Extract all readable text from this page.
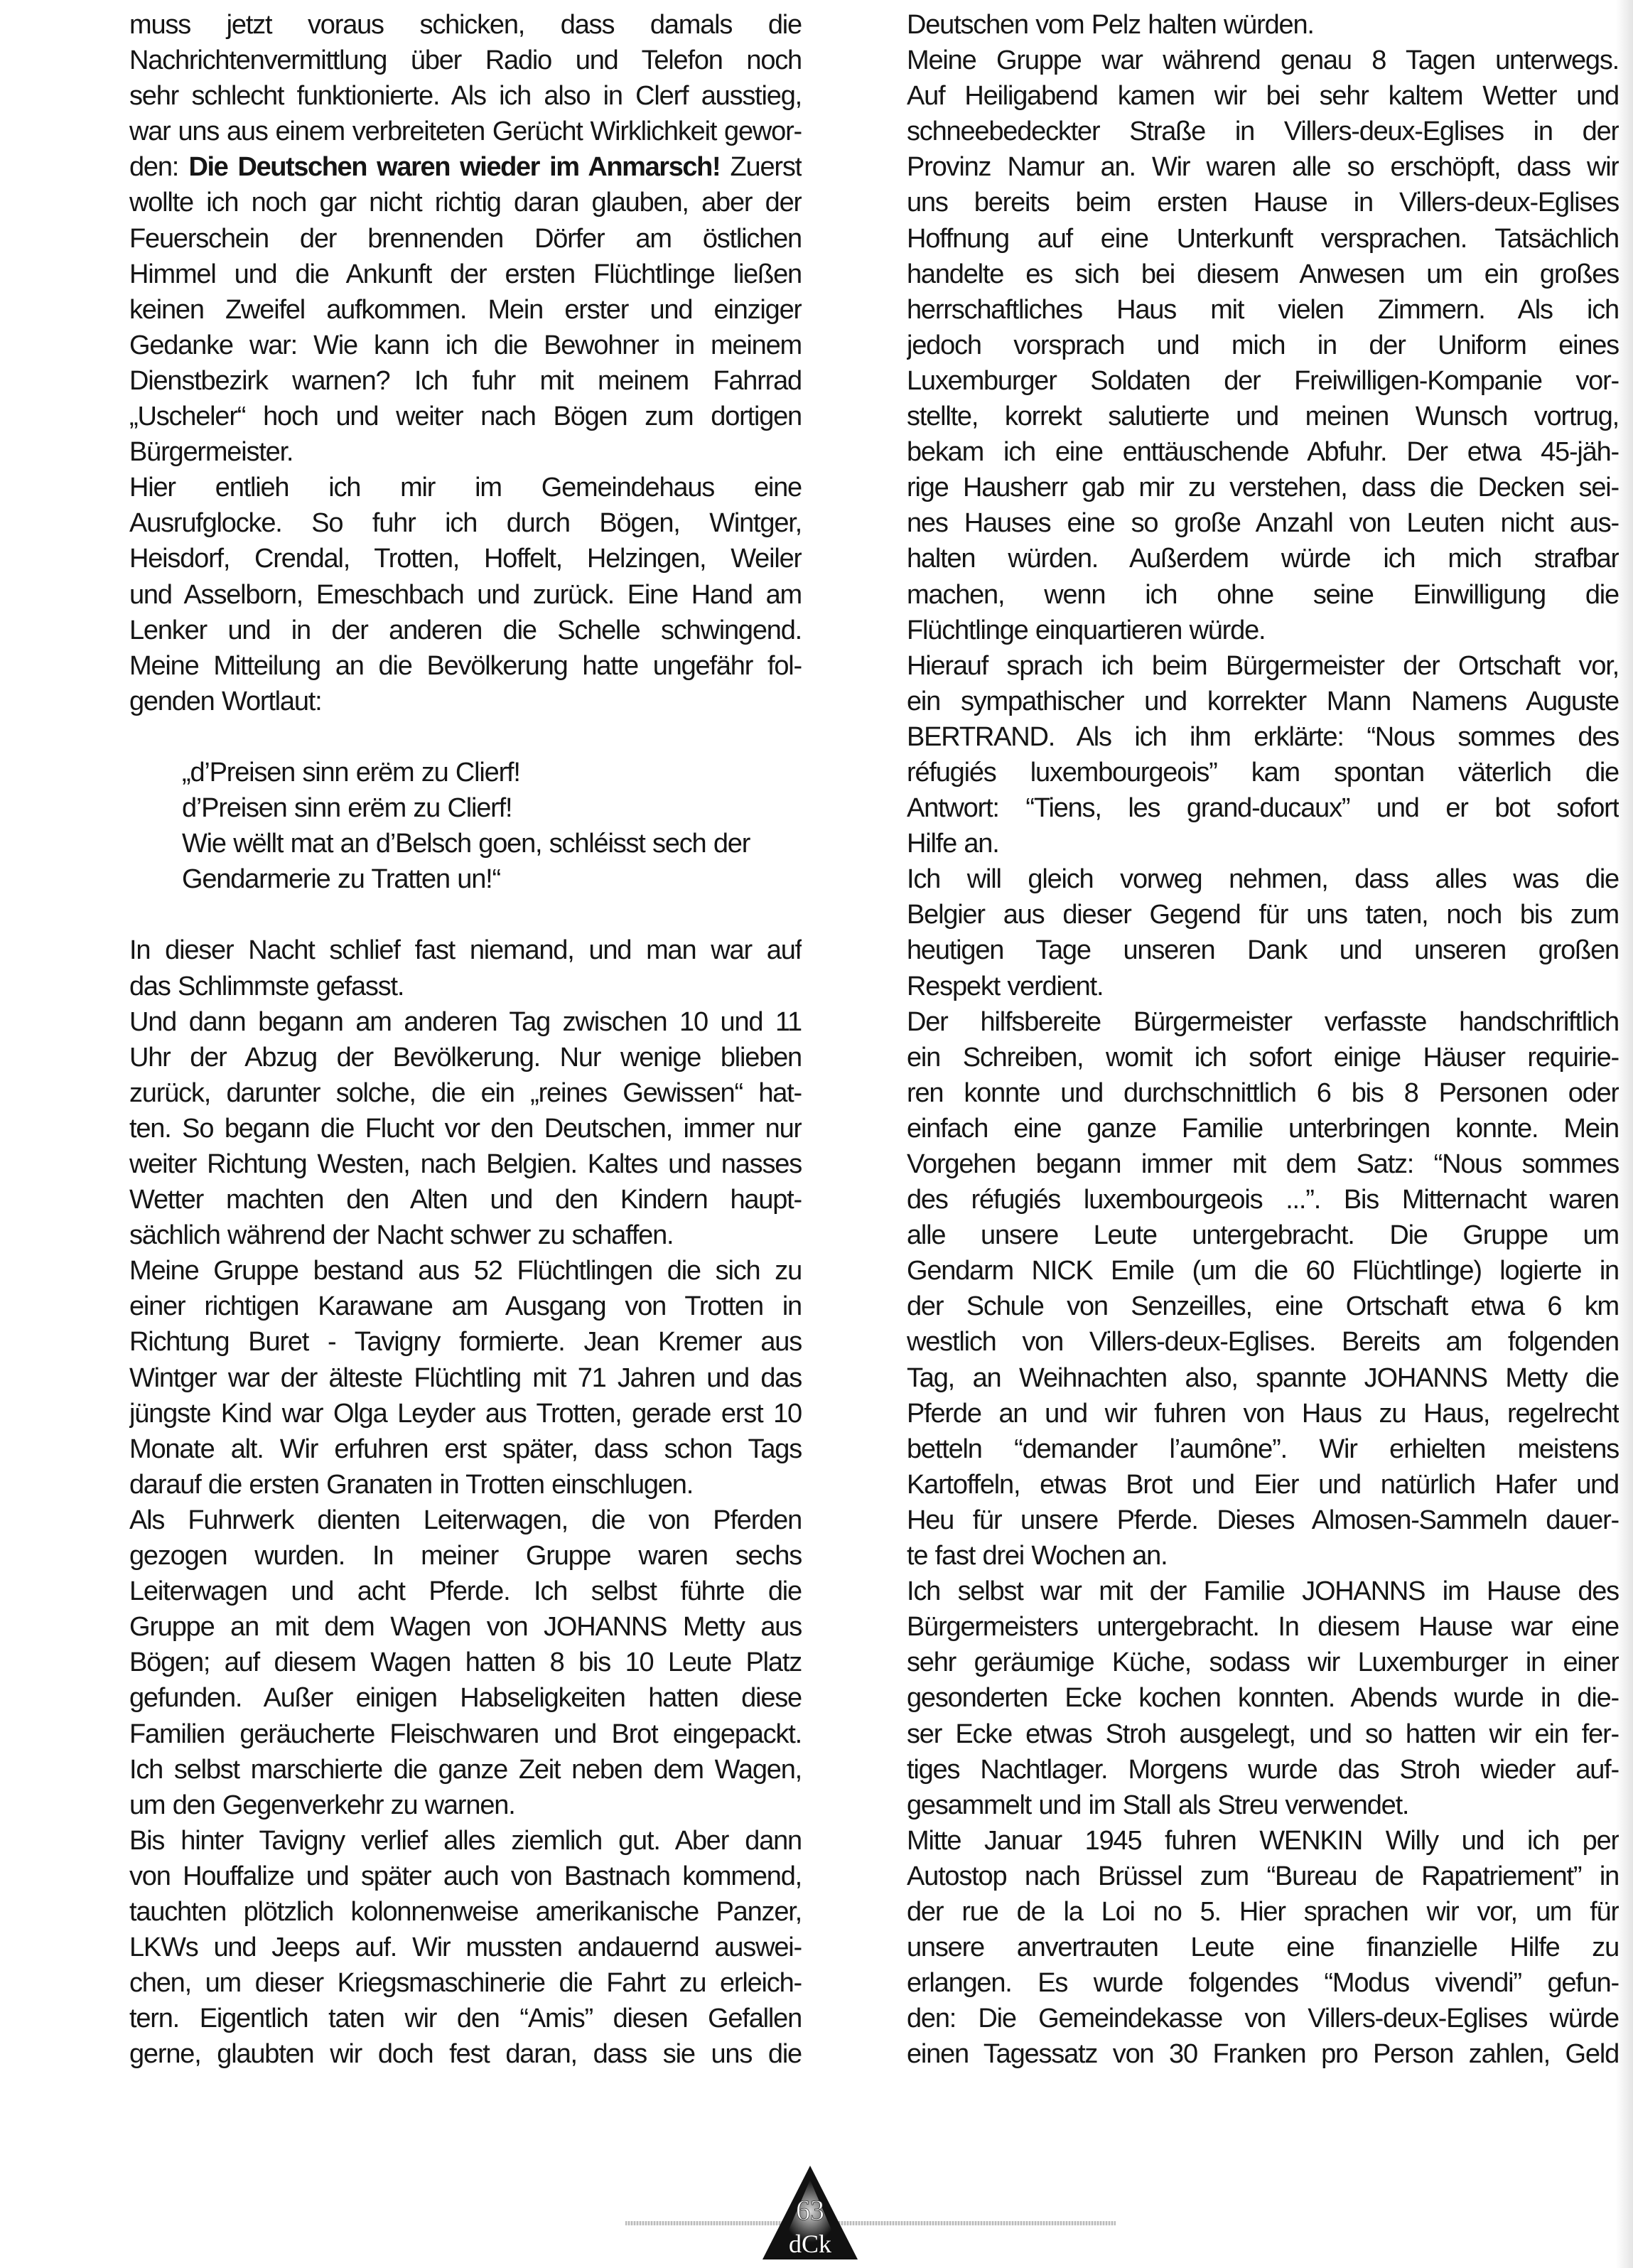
muss jetzt voraus schicken, dass damals die
Nachrichtenvermittlung über Radio und Telefon noch
sehr schlecht funktionierte. Als ich also in Clerf ausstieg,
war uns aus einem verbreiteten Gerücht Wirklichkeit gewor-
den: Die Deutschen waren wieder im Anmarsch! Zuerst
wollte ich noch gar nicht richtig daran glauben, aber der
Feuerschein der brennenden Dörfer am östlichen
Himmel und die Ankunft der ersten Flüchtlinge ließen
keinen Zweifel aufkommen. Mein erster und einziger
Gedanke war: Wie kann ich die Bewohner in meinem
Dienstbezirk warnen? Ich fuhr mit meinem Fahrrad
„Uscheler“ hoch und weiter nach Bögen zum dortigen
Bürgermeister.
Hier entlieh ich mir im Gemeindehaus eine
Ausrufglocke. So fuhr ich durch Bögen, Wintger,
Heisdorf, Crendal, Trotten, Hoffelt, Helzingen, Weiler
und Asselborn, Emeschbach und zurück. Eine Hand am
Lenker und in der anderen die Schelle schwingend.
Meine Mitteilung an die Bevölkerung hatte ungefähr fol-
genden Wortlaut:

„d’Preisen sinn erëm zu Clierf!
d’Preisen sinn erëm zu Clierf!
Wie wëllt mat an d’Belsch goen, schléisst sech der
Gendarmerie zu Tratten un!“

In dieser Nacht schlief fast niemand, und man war auf
das Schlimmste gefasst.
Und dann begann am anderen Tag zwischen 10 und 11
Uhr der Abzug der Bevölkerung. Nur wenige blieben
zurück, darunter solche, die ein „reines Gewissen“ hat-
ten. So begann die Flucht vor den Deutschen, immer nur
weiter Richtung Westen, nach Belgien. Kaltes und nasses
Wetter machten den Alten und den Kindern haupt-
sächlich während der Nacht schwer zu schaffen.
Meine Gruppe bestand aus 52 Flüchtlingen die sich zu
einer richtigen Karawane am Ausgang von Trotten in
Richtung Buret - Tavigny formierte. Jean Kremer aus
Wintger war der älteste Flüchtling mit 71 Jahren und das
jüngste Kind war Olga Leyder aus Trotten, gerade erst 10
Monate alt. Wir erfuhren erst später, dass schon Tags
darauf die ersten Granaten in Trotten einschlugen.
Als Fuhrwerk dienten Leiterwagen, die von Pferden
gezogen wurden. In meiner Gruppe waren sechs
Leiterwagen und acht Pferde. Ich selbst führte die
Gruppe an mit dem Wagen von JOHANNS Metty aus
Bögen; auf diesem Wagen hatten 8 bis 10 Leute Platz
gefunden. Außer einigen Habseligkeiten hatten diese
Familien geräucherte Fleischwaren und Brot eingepackt.
Ich selbst marschierte die ganze Zeit neben dem Wagen,
um den Gegenverkehr zu warnen.
Bis hinter Tavigny verlief alles ziemlich gut. Aber dann
von Houffalize und später auch von Bastnach kommend,
tauchten plötzlich kolonnenweise amerikanische Panzer,
LKWs und Jeeps auf. Wir mussten andauernd auswei-
chen, um dieser Kriegsmaschinerie die Fahrt zu erleich-
tern. Eigentlich taten wir den “Amis” diesen Gefallen
gerne, glaubten wir doch fest daran, dass sie uns die
Deutschen vom Pelz halten würden.
Meine Gruppe war während genau 8 Tagen unterwegs.
Auf Heiligabend kamen wir bei sehr kaltem Wetter und
schneebedeckter Straße in Villers-deux-Eglises in der
Provinz Namur an. Wir waren alle so erschöpft, dass wir
uns bereits beim ersten Hause in Villers-deux-Eglises
Hoffnung auf eine Unterkunft versprachen. Tatsächlich
handelte es sich bei diesem Anwesen um ein großes
herrschaftliches Haus mit vielen Zimmern. Als ich
jedoch vorsprach und mich in der Uniform eines
Luxemburger Soldaten der Freiwilligen-Kompanie vor-
stellte, korrekt salutierte und meinen Wunsch vortrug,
bekam ich eine enttäuschende Abfuhr. Der etwa 45-jäh-
rige Hausherr gab mir zu verstehen, dass die Decken sei-
nes Hauses eine so große Anzahl von Leuten nicht aus-
halten würden. Außerdem würde ich mich strafbar
machen, wenn ich ohne seine Einwilligung die
Flüchtlinge einquartieren würde.
Hierauf sprach ich beim Bürgermeister der Ortschaft vor,
ein sympathischer und korrekter Mann Namens Auguste
BERTRAND. Als ich ihm erklärte: “Nous sommes des
réfugiés luxembourgeois” kam spontan väterlich die
Antwort: “Tiens, les grand-ducaux” und er bot sofort
Hilfe an.
Ich will gleich vorweg nehmen, dass alles was die
Belgier aus dieser Gegend für uns taten, noch bis zum
heutigen Tage unseren Dank und unseren großen
Respekt verdient.
Der hilfsbereite Bürgermeister verfasste handschriftlich
ein Schreiben, womit ich sofort einige Häuser requirie-
ren konnte und durchschnittlich 6 bis 8 Personen oder
einfach eine ganze Familie unterbringen konnte. Mein
Vorgehen begann immer mit dem Satz: “Nous sommes
des réfugiés luxembourgeois ...”. Bis Mitternacht waren
alle unsere Leute untergebracht. Die Gruppe um
Gendarm NICK Emile (um die 60 Flüchtlinge) logierte in
der Schule von Senzeilles, eine Ortschaft etwa 6 km
westlich von Villers-deux-Eglises. Bereits am folgenden
Tag, an Weihnachten also, spannte JOHANNS Metty die
Pferde an und wir fuhren von Haus zu Haus, regelrecht
betteln “demander l’aumône”. Wir erhielten meistens
Kartoffeln, etwas Brot und Eier und natürlich Hafer und
Heu für unsere Pferde. Dieses Almosen-Sammeln dauer-
te fast drei Wochen an.
Ich selbst war mit der Familie JOHANNS im Hause des
Bürgermeisters untergebracht. In diesem Hause war eine
sehr geräumige Küche, sodass wir Luxemburger in einer
gesonderten Ecke kochen konnten. Abends wurde in die-
ser Ecke etwas Stroh ausgelegt, und so hatten wir ein fer-
tiges Nachtlager. Morgens wurde das Stroh wieder auf-
gesammelt und im Stall als Streu verwendet.
Mitte Januar 1945 fuhren WENKIN Willy und ich per
Autostop nach Brüssel zum “Bureau de Rapatriement” in
der rue de la Loi no 5. Hier sprachen wir vor, um für
unsere anvertrauten Leute eine finanzielle Hilfe zu
erlangen. Es wurde folgendes “Modus vivendi” gefun-
den: Die Gemeindekasse von Villers-deux-Eglises würde
einen Tagessatz von 30 Franken pro Person zahlen, Geld
63
dCk
